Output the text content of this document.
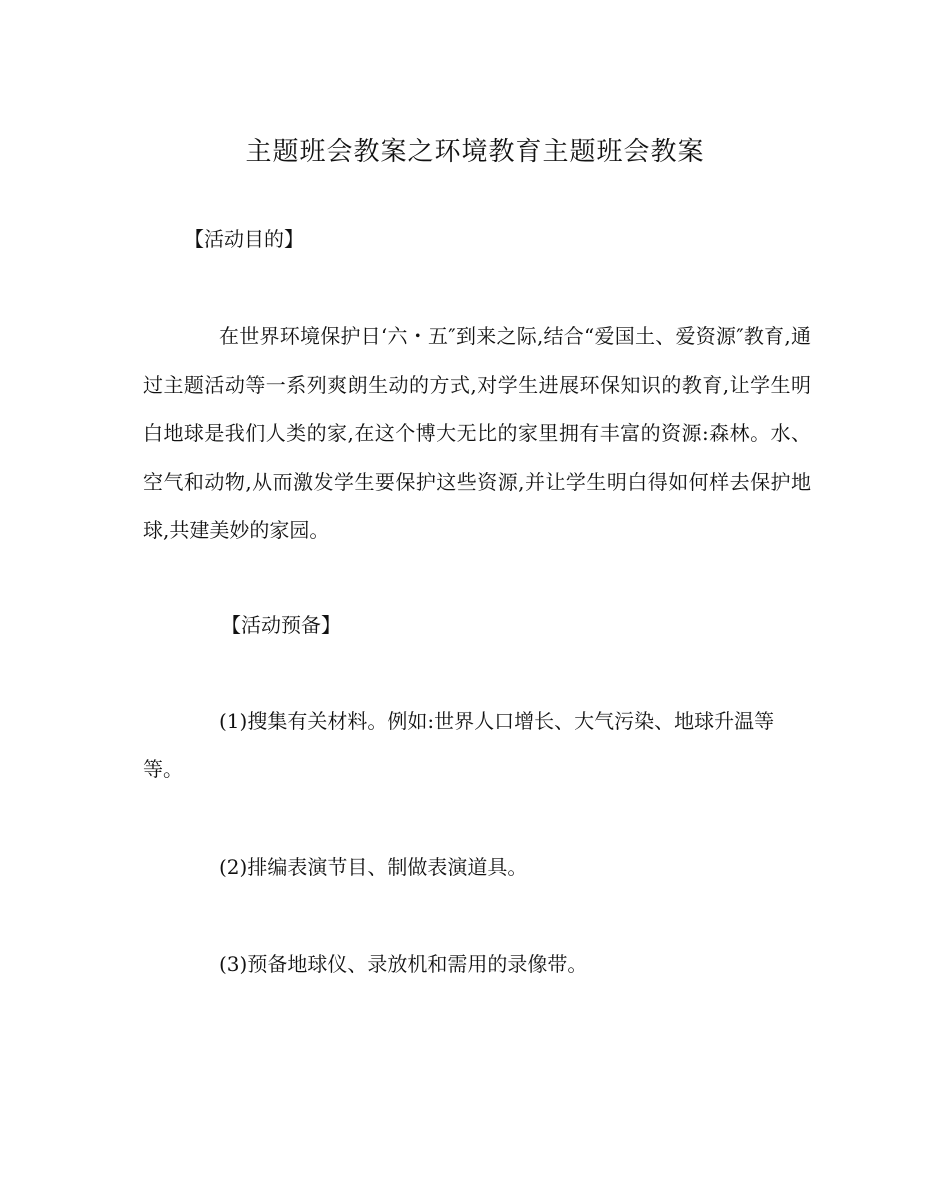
主题班会教案之环境教育主题班会教案

【活动目的】

在世界环境保护日‘六・五″到来之际,结合“爱国土、爱资源″教育,通过主题活动等一系列爽朗生动的方式,对学生进展环保知识的教育,让学生明白地球是我们人类的家,在这个博大无比的家里拥有丰富的资源:森林。水、空气和动物,从而激发学生要保护这些资源,并让学生明白得如何样去保护地球,共建美妙的家园。

【活动预备】

(1)搜集有关材料。例如:世界人口增长、大气污染、地球升温等等。

(2)排编表演节目、制做表演道具。

(3)预备地球仪、录放机和需用的录像带。
